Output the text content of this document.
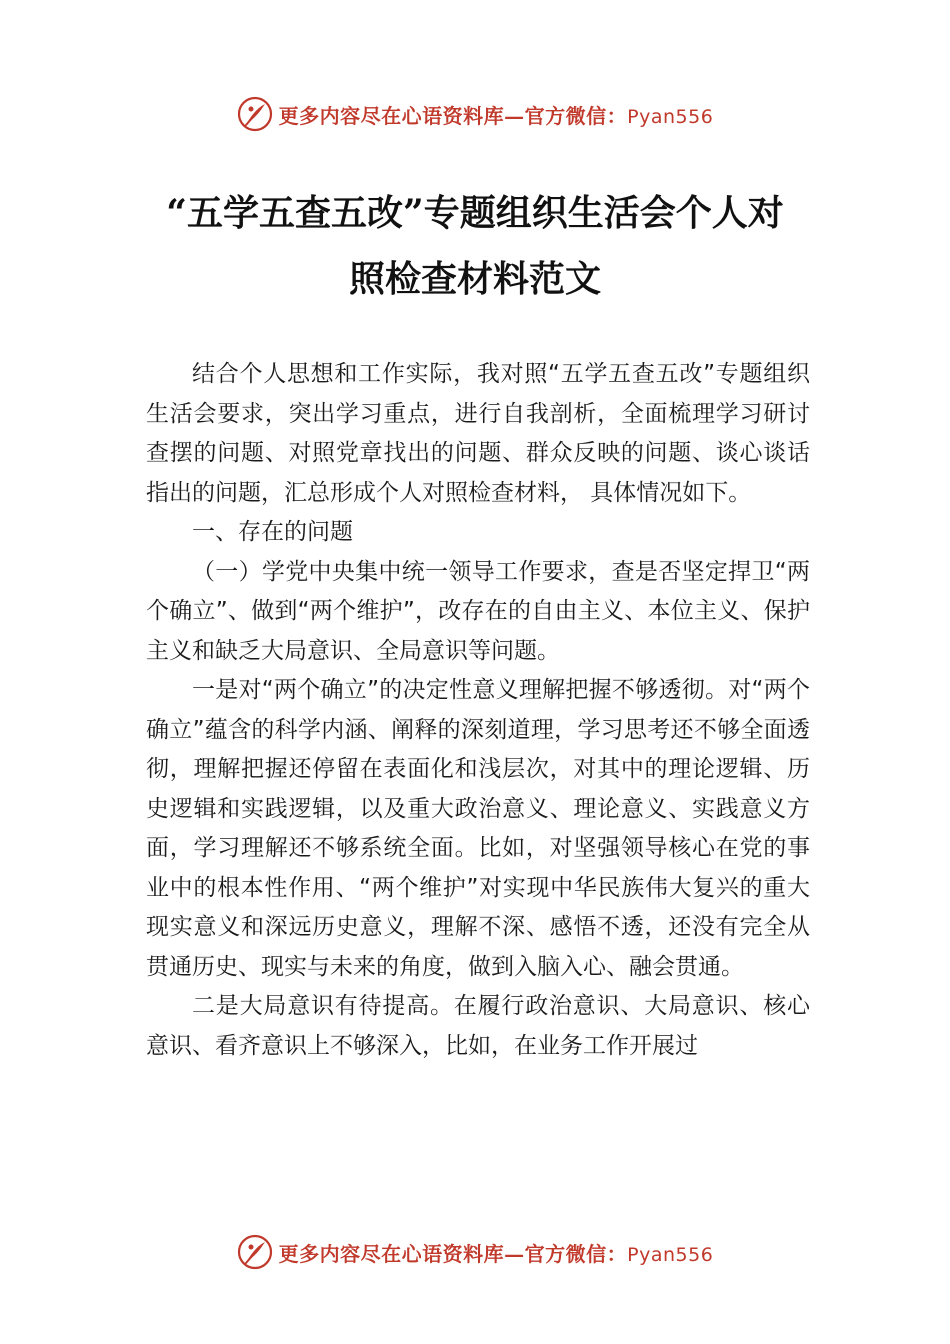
更多内容尽在心语资料库—官方微信：Pyan556
“五学五查五改”专题组织生活会个人对
照检查材料范文

结合个人思想和工作实际，我对照“五学五查五改”专题组织生活会要求，突出学习重点，进行自我剖析，全面梳理学习研讨查摆的问题、对照党章找出的问题、群众反映的问题、谈心谈话指出的问题，汇总形成个人对照检查材料， 具体情况如下。

一、存在的问题

（一）学党中央集中统一领导工作要求，查是否坚定捍卫“两个确立”、做到“两个维护”，改存在的自由主义、本位主义、保护主义和缺乏大局意识、全局意识等问题。

一是对“两个确立”的决定性意义理解把握不够透彻。对“两个确立”蕴含的科学内涵、阐释的深刻道理，学习思考还不够全面透彻，理解把握还停留在表面化和浅层次，对其中的理论逻辑、历史逻辑和实践逻辑，以及重大政治意义、理论意义、实践意义方面，学习理解还不够系统全面。比如，对坚强领导核心在党的事业中的根本性作用、“两个维护”对实现中华民族伟大复兴的重大现实意义和深远历史意义，理解不深、感悟不透，还没有完全从贯通历史、现实与未来的角度，做到入脑入心、融会贯通。

二是大局意识有待提高。在履行政治意识、大局意识、核心意识、看齐意识上不够深入，比如，在业务工作开展过

更多内容尽在心语资料库—官方微信：Pyan556
